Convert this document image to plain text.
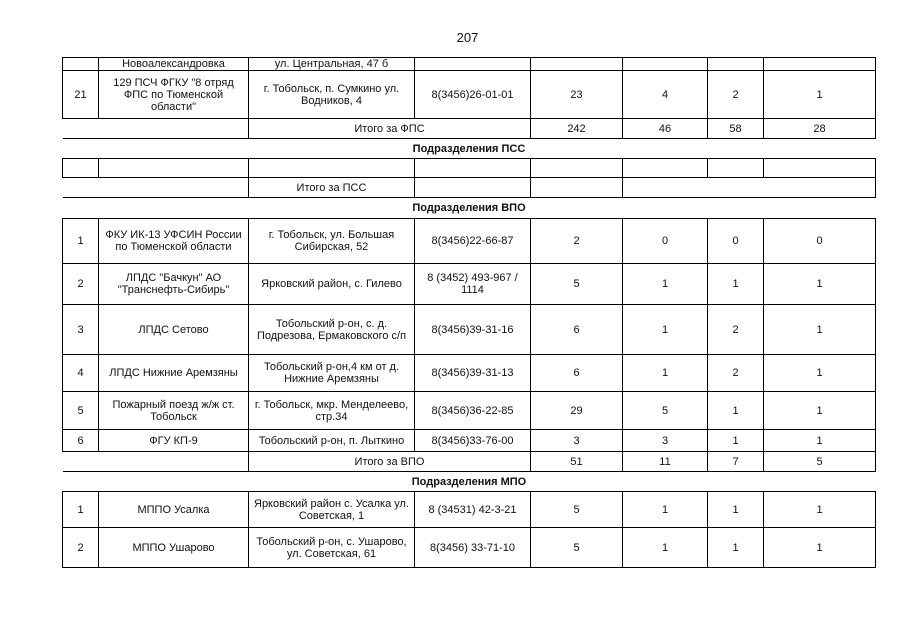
207
	Новоалександровка	ул. Центральная, 47 б					
21	129 ПСЧ ФГКУ "8 отряд ФПС по Тюменской области"	г. Тобольск, п. Сумкино ул. Водников, 4	8(3456)26-01-01	23	4	2	1
		Итого за ФПС		242	46	58	28
Подразделения ПСС							

		Итого за ПСС					
Подразделения ВПО							
1	ФКУ ИК-13 УФСИН России по Тюменской области	г. Тобольск, ул. Большая Сибирская, 52	8(3456)22-66-87	2	0	0	0
2	ЛПДС "Бачкун" АО "Транснефть-Сибирь"	Ярковский район, с. Гилево	8 (3452) 493-967 / 1114	5	1	1	1
3	ЛПДС Сетово	Тобольский р-он, с. д. Подрезова, Ермаковского с/п	8(3456)39-31-16	6	1	2	1
4	ЛПДС Нижние Аремзяны	Тобольский р-он,4 км от д. Нижние Аремзяны	8(3456)39-31-13	6	1	2	1
5	Пожарный поезд ж/ж ст. Тобольск	г. Тобольск, мкр. Менделеево, стр.34	8(3456)36-22-85	29	5	1	1
6	ФГУ КП-9	Тобольский р-он, п. Лыткино	8(3456)33-76-00	3	3	1	1
		Итого за ВПО		51	11	7	5
Подразделения МПО							
1	МППО Усалка	Ярковский район с. Усалка ул. Советская, 1	8 (34531) 42-3-21	5	1	1	1
2	МППО Ушарово	Тобольский р-он, с. Ушарово, ул. Советская, 61	8(3456) 33-71-10	5	1	1	1
